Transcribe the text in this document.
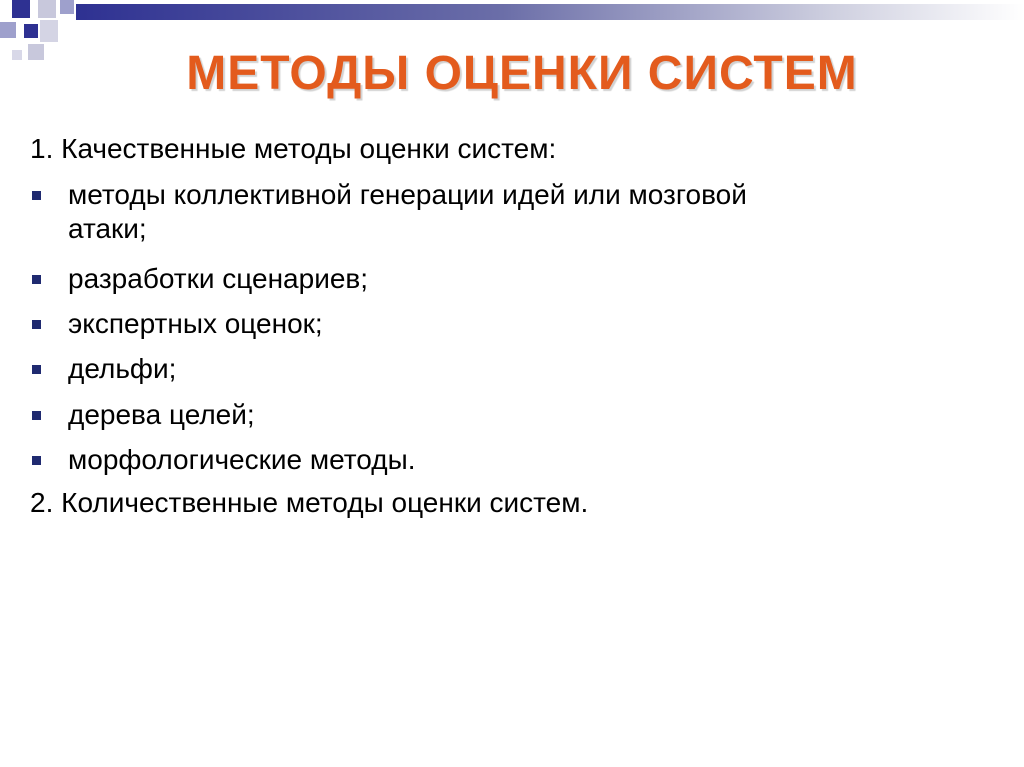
МЕТОДЫ ОЦЕНКИ СИСТЕМ
1. Качественные методы оценки систем:
методы коллективной генерации идей или мозговой
атаки;
разработки сценариев;
экспертных оценок;
дельфи;
дерева целей;
морфологические методы.
2. Количественные методы оценки систем.
